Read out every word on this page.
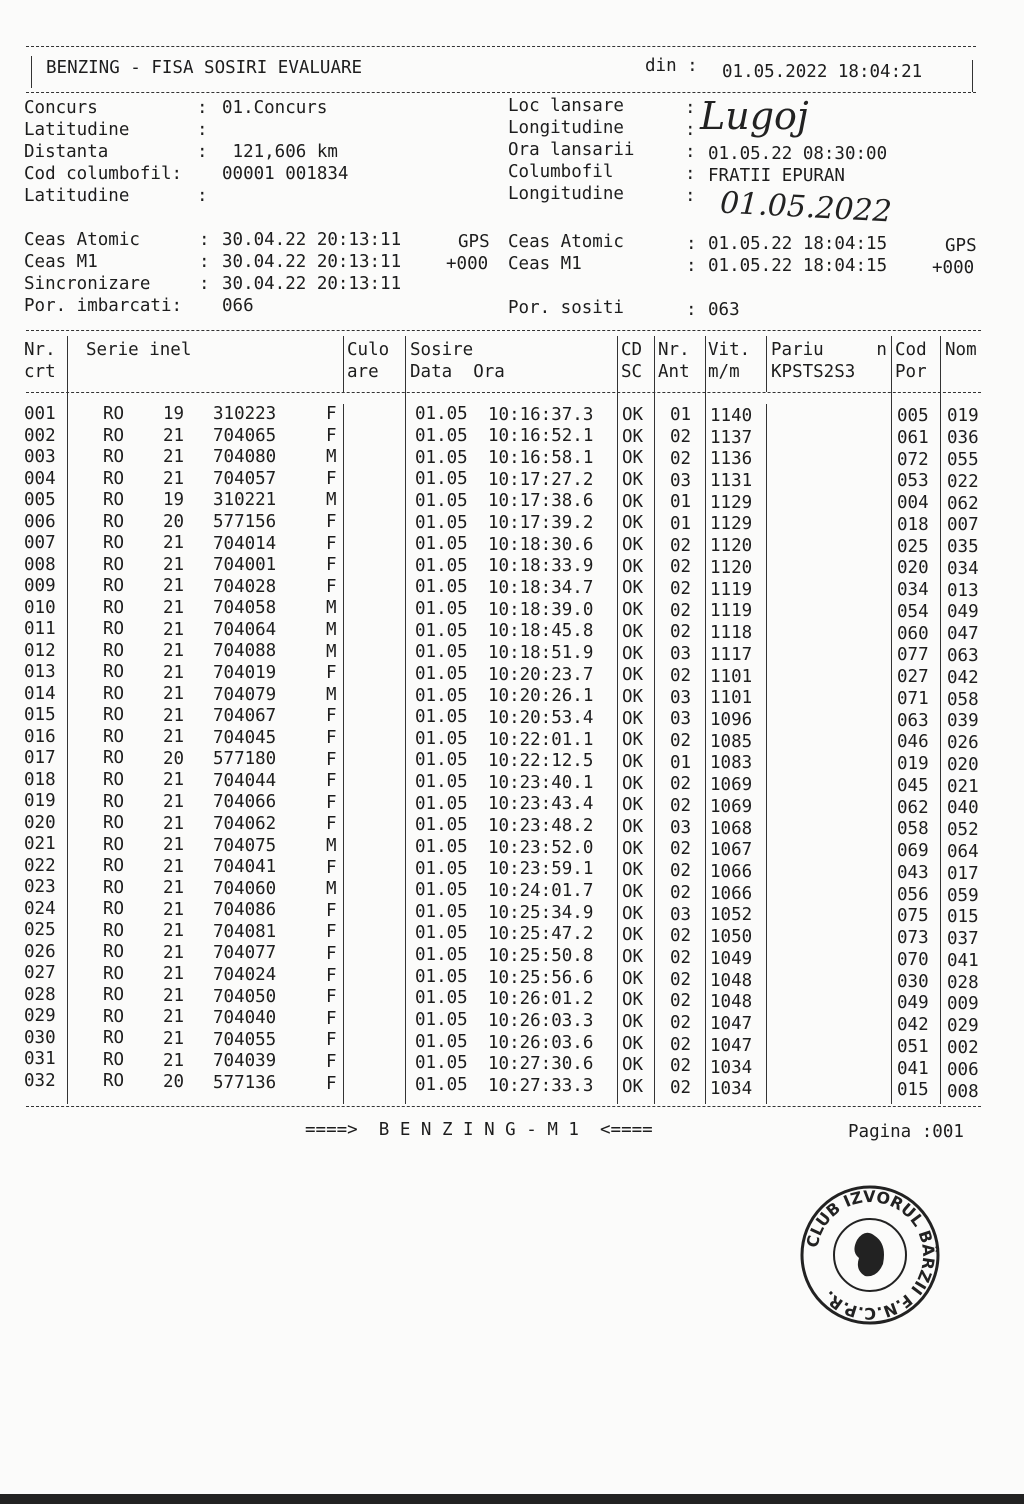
BENZING - FISA SOSIRI EVALUARE	din : 01.05.2022 18:04:21
Concurs	: 01.Concurs
Latitudine	:
Distanta	: 121,606 km
Cod columbofil: 00001 001834
Latitudine	:
Loc lansare	:
Longitudine	:
Ora lansarii	: 01.05.22 08:30:00
Columbofil	: FRATII EPURAN
Longitudine	:
Lugoj
01.05.2022
Ceas Atomic	: 30.04.22 20:13:11	GPS
Ceas M1	: 30.04.22 20:13:11	+000
Sincronizare	: 30.04.22 20:13:11
Por. imbarcati: 066
Ceas Atomic	: 01.05.22 18:04:15	GPS
Ceas M1	: 01.05.22 18:04:15	+000
Por. sositi	: 063
Nr.
crt
Serie inel	Culo
are
Sosire
Data  Ora
CD
SC
Nr.
Ant
Vit.
m/m
Pariu     n
KPSTS2S3
Cod
Por
Nom
001	RO 19 310223	F	01.05 10:16:37.3 OK 01 1140	005 019
002	RO 21 704065	F	01.05 10:16:52.1 OK 02 1137	061 036
003	RO 21 704080	M	01.05 10:16:58.1 OK 02 1136	072 055
004	RO 21 704057	F	01.05 10:17:27.2 OK 03 1131	053 022
005	RO 19 310221	M	01.05 10:17:38.6 OK 01 1129	004 062
006	RO 20 577156	F	01.05 10:17:39.2 OK 01 1129	018 007
007	RO 21 704014	F	01.05 10:18:30.6 OK 02 1120	025 035
008	RO 21 704001	F	01.05 10:18:33.9 OK 02 1120	020 034
009	RO 21 704028	F	01.05 10:18:34.7 OK 02 1119	034 013
010	RO 21 704058	M	01.05 10:18:39.0 OK 02 1119	054 049
011	RO 21 704064	M	01.05 10:18:45.8 OK 02 1118	060 047
012	RO 21 704088	M	01.05 10:18:51.9 OK 03 1117	077 063
013	RO 21 704019	F	01.05 10:20:23.7 OK 02 1101	027 042
014	RO 21 704079	M	01.05 10:20:26.1 OK 03 1101	071 058
015	RO 21 704067	F	01.05 10:20:53.4 OK 03 1096	063 039
016	RO 21 704045	F	01.05 10:22:01.1 OK 02 1085	046 026
017	RO 20 577180	F	01.05 10:22:12.5 OK 01 1083	019 020
018	RO 21 704044	F	01.05 10:23:40.1 OK 02 1069	045 021
019	RO 21 704066	F	01.05 10:23:43.4 OK 02 1069	062 040
020	RO 21 704062	F	01.05 10:23:48.2 OK 03 1068	058 052
021	RO 21 704075	M	01.05 10:23:52.0 OK 02 1067	069 064
022	RO 21 704041	F	01.05 10:23:59.1 OK 02 1066	043 017
023	RO 21 704060	M	01.05 10:24:01.7 OK 02 1066	056 059
024	RO 21 704086	F	01.05 10:25:34.9 OK 03 1052	075 015
025	RO 21 704081	F	01.05 10:25:47.2 OK 02 1050	073 037
026	RO 21 704077	F	01.05 10:25:50.8 OK 02 1049	070 041
027	RO 21 704024	F	01.05 10:25:56.6 OK 02 1048	030 028
028	RO 21 704050	F	01.05 10:26:01.2 OK 02 1048	049 009
029	RO 21 704040	F	01.05 10:26:03.3 OK 02 1047	042 029
030	RO 21 704055	F	01.05 10:26:03.6 OK 02 1047	051 002
031	RO 21 704039	F	01.05 10:27:30.6 OK 02 1034	041 006
032	RO 20 577136	F	01.05 10:27:33.3 OK 02 1034	015 008
====>  B E N Z I N G - M 1  <====	Pagina :001
CLUB IZVORUL BÂRZII F.N.C.P.R.
